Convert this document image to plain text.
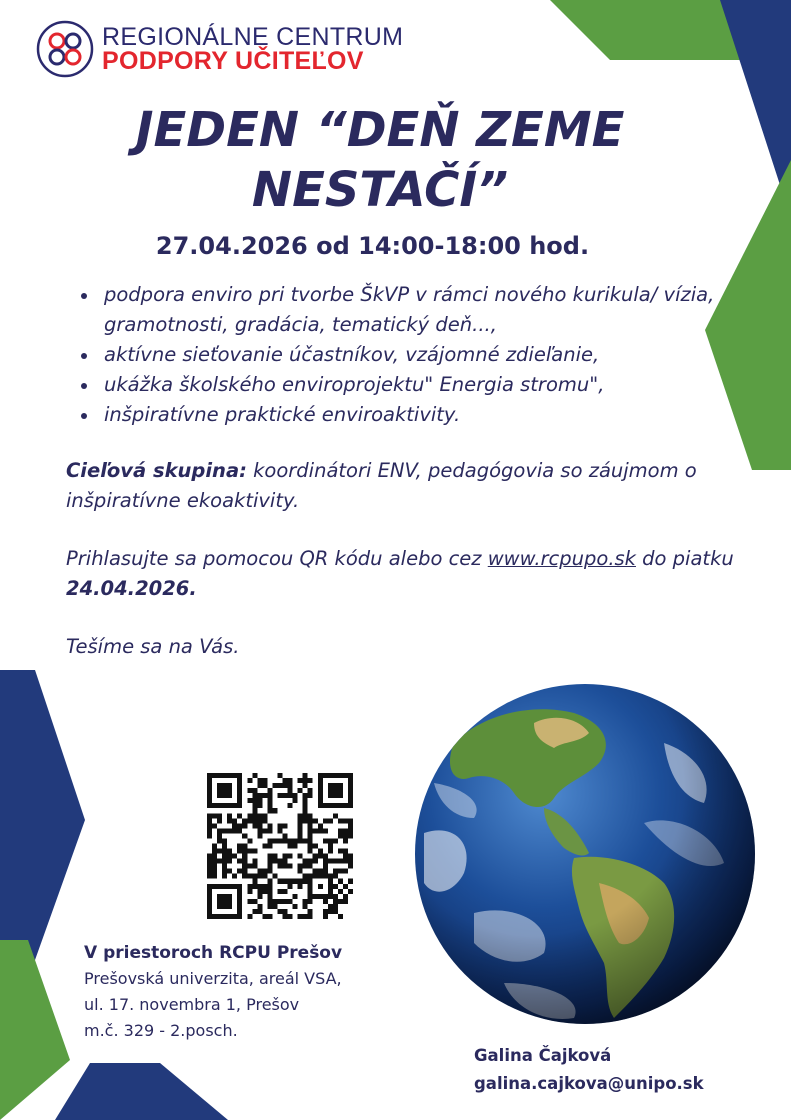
REGIONÁLNE CENTRUM
PODPORY UČITEĽOV
JEDEN “DEŇ ZEME
NESTAČÍ”
27.04.2026 od 14:00-18:00 hod.
podpora enviro pri tvorbe ŠkVP v rámci nového kurikula/ vízia, gramotnosti, gradácia, tematický deň...,
aktívne sieťovanie účastníkov, vzájomné zdieľanie,
ukážka školského enviroprojektu" Energia stromu",
inšpiratívne praktické enviroaktivity.
Cieľová skupina: koordinátori ENV, pedagógovia so záujmom o inšpiratívne ekoaktivity.
Prihlasujte sa pomocou QR kódu alebo cez www.rcpupo.sk do piatku 24.04.2026.
Tešíme sa na Vás.
V priestoroch RCPU Prešov
Prešovská univerzita, areál VSA,
ul. 17. novembra 1, Prešov
m.č. 329 - 2.posch.
Galina Čajková
galina.cajkova@unipo.sk
